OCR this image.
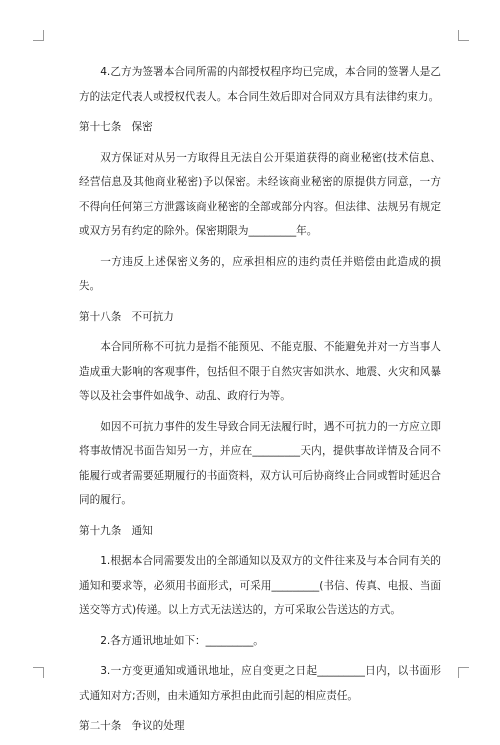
4.乙方为签署本合同所需的内部授权程序均已完成，本合同的签署人是乙方的法定代表人或授权代表人。本合同生效后即对合同双方具有法律约束力。

第十七条   保密

双方保证对从另一方取得且无法自公开渠道获得的商业秘密(技术信息、经营信息及其他商业秘密)予以保密。未经该商业秘密的原提供方同意，一方不得向任何第三方泄露该商业秘密的全部或部分内容。但法律、法规另有规定或双方另有约定的除外。保密期限为_________年。

一方违反上述保密义务的，应承担相应的违约责任并赔偿由此造成的损失。

第十八条   不可抗力

本合同所称不可抗力是指不能预见、不能克服、不能避免并对一方当事人造成重大影响的客观事件，包括但不限于自然灾害如洪水、地震、火灾和风暴等以及社会事件如战争、动乱、政府行为等。

如因不可抗力事件的发生导致合同无法履行时，遇不可抗力的一方应立即将事故情况书面告知另一方，并应在_________天内，提供事故详情及合同不能履行或者需要延期履行的书面资料，双方认可后协商终止合同或暂时延迟合同的履行。

第十九条   通知

1.根据本合同需要发出的全部通知以及双方的文件往来及与本合同有关的通知和要求等，必须用书面形式，可采用_________(书信、传真、电报、当面送交等方式)传递。以上方式无法送达的，方可采取公告送达的方式。

2.各方通讯地址如下：_________。

3.一方变更通知或通讯地址，应自变更之日起_________日内，以书面形式通知对方;否则，由未通知方承担由此而引起的相应责任。

第二十条   争议的处理
